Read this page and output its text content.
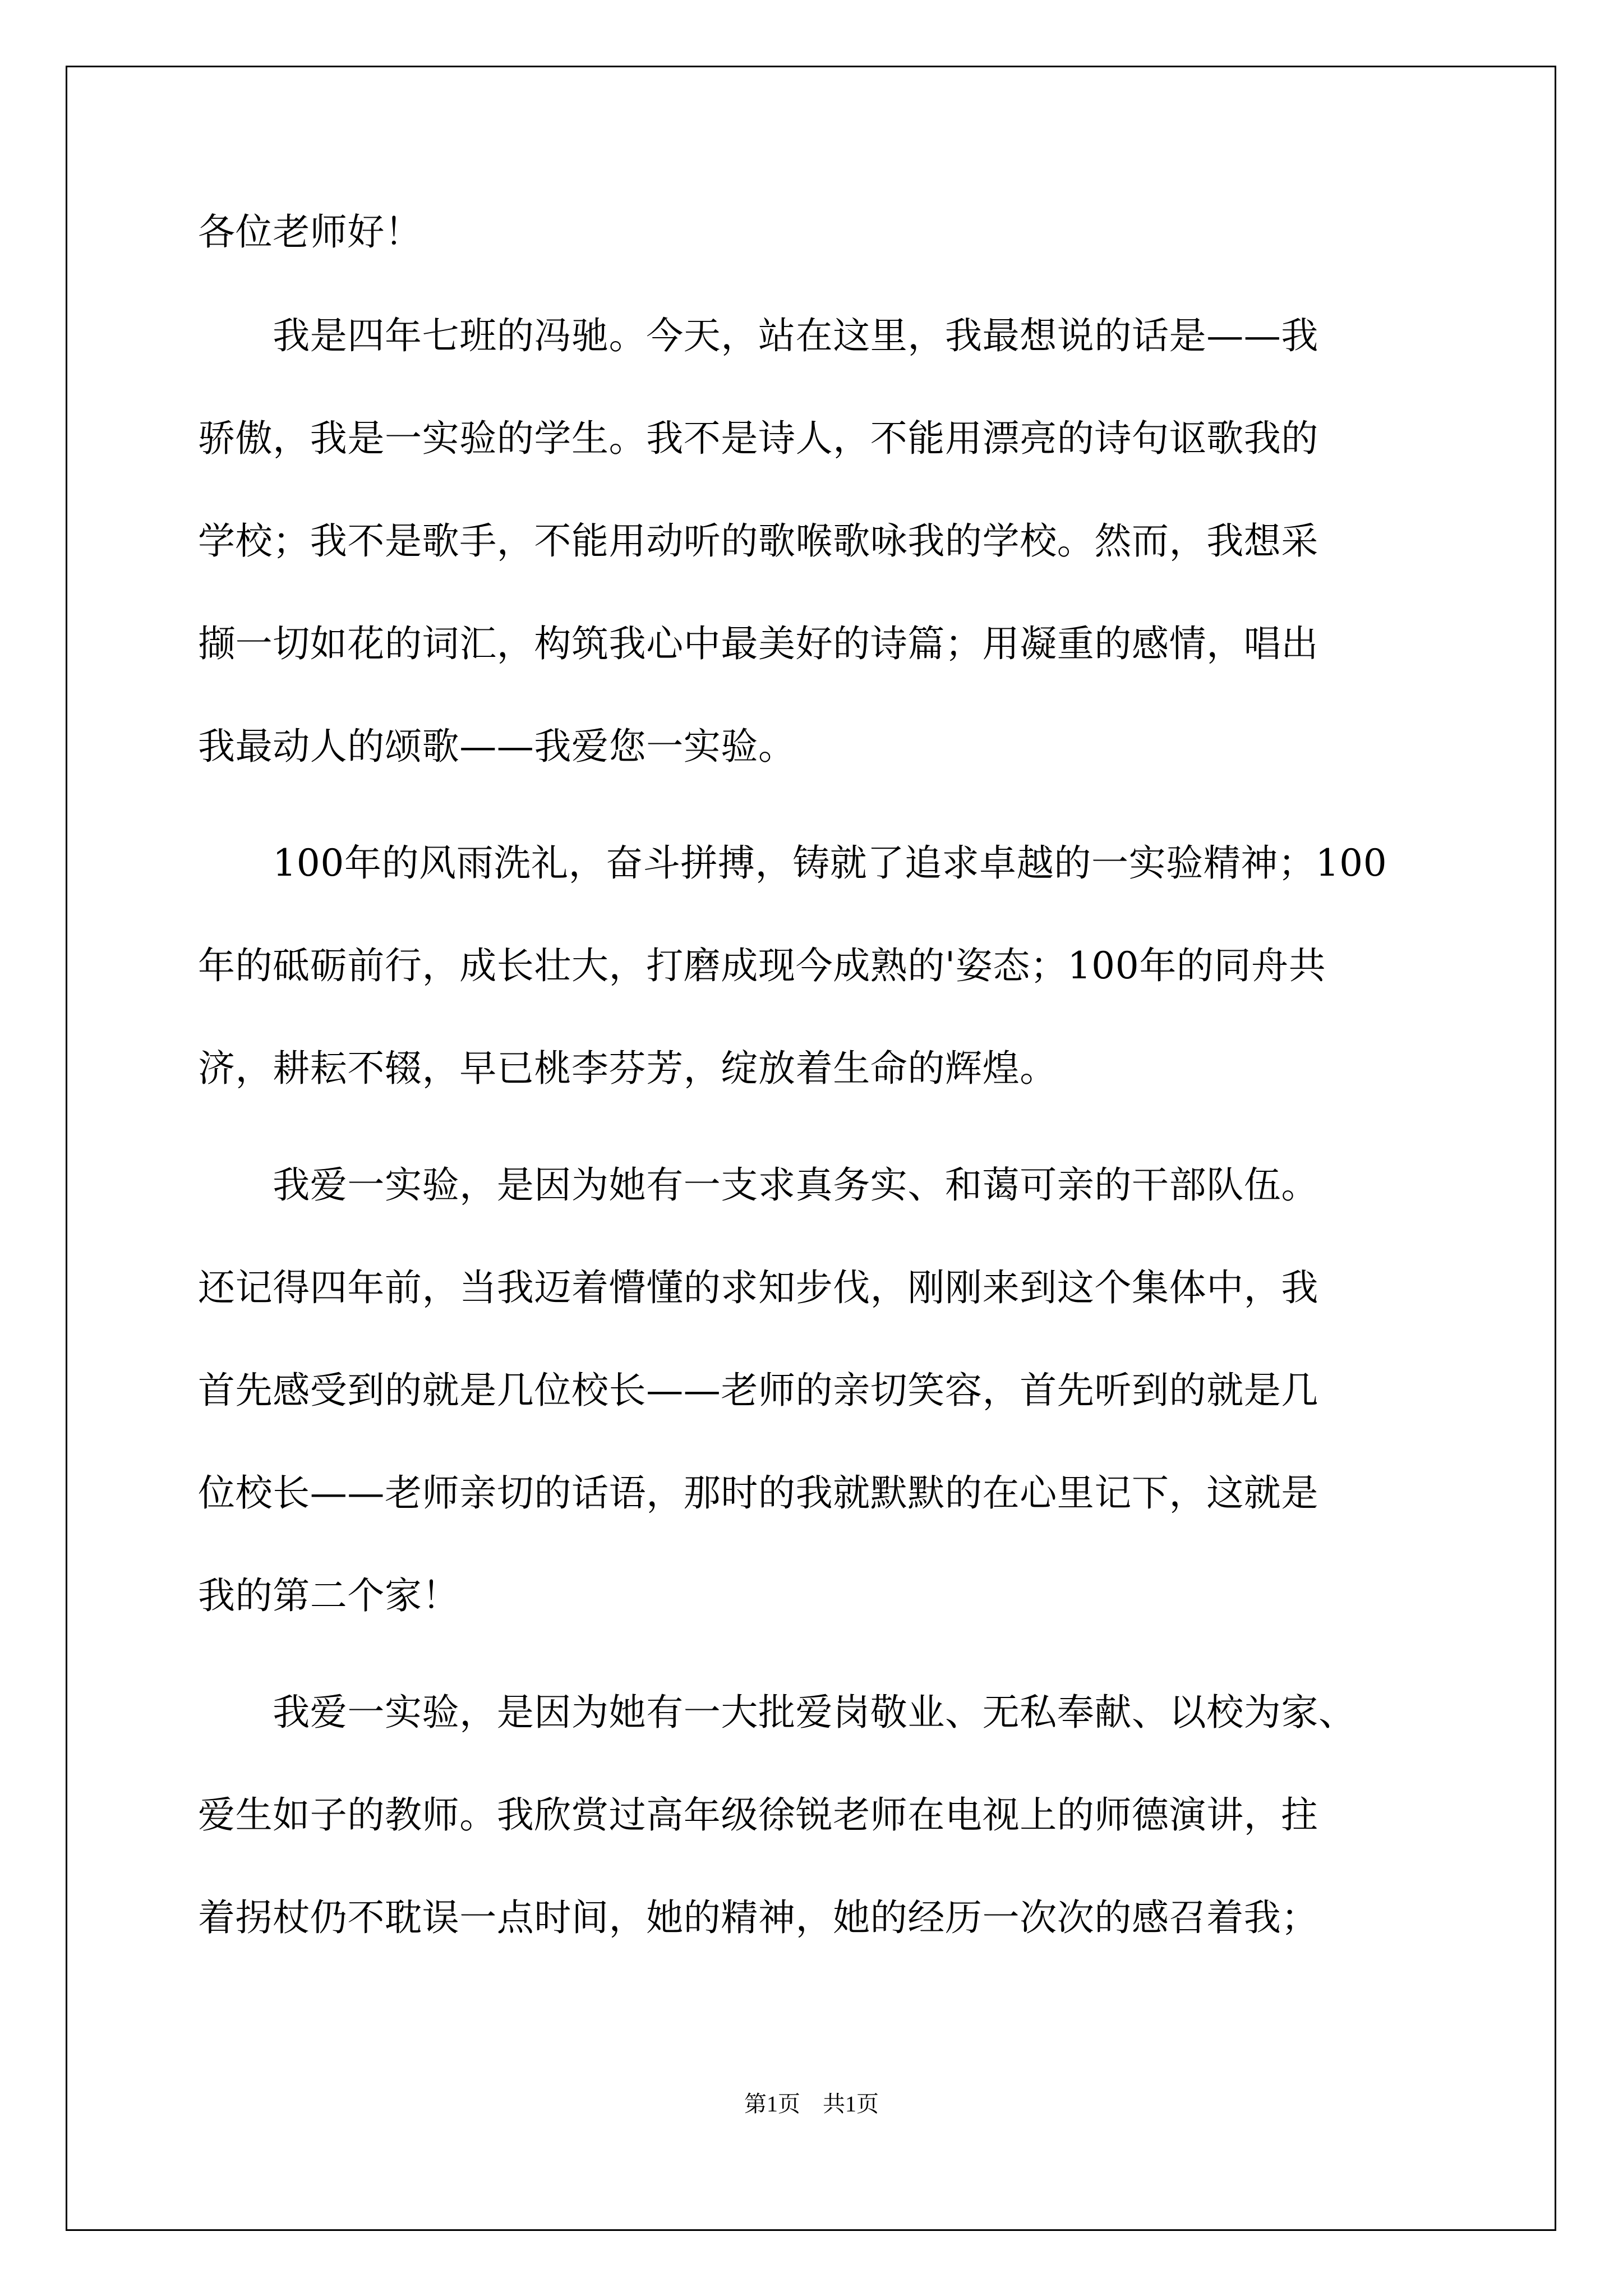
各位老师好！
　　我是四年七班的冯驰。今天，站在这里，我最想说的话是——我
骄傲，我是一实验的学生。我不是诗人，不能用漂亮的诗句讴歌我的
学校；我不是歌手，不能用动听的歌喉歌咏我的学校。然而，我想采
撷一切如花的词汇，构筑我心中最美好的诗篇；用凝重的感情，唱出
我最动人的颂歌——我爱您一实验。
　　100年的风雨洗礼，奋斗拼搏，铸就了追求卓越的一实验精神；100
年的砥砺前行，成长壮大，打磨成现今成熟的'姿态；100年的同舟共
济，耕耘不辍，早已桃李芬芳，绽放着生命的辉煌。
　　我爱一实验，是因为她有一支求真务实、和蔼可亲的干部队伍。
还记得四年前，当我迈着懵懂的求知步伐，刚刚来到这个集体中，我
首先感受到的就是几位校长——老师的亲切笑容，首先听到的就是几
位校长——老师亲切的话语，那时的我就默默的在心里记下，这就是
我的第二个家！
　　我爱一实验，是因为她有一大批爱岗敬业、无私奉献、以校为家、
爱生如子的教师。我欣赏过高年级徐锐老师在电视上的师德演讲，拄
着拐杖仍不耽误一点时间，她的精神，她的经历一次次的感召着我；
第1页　共1页
